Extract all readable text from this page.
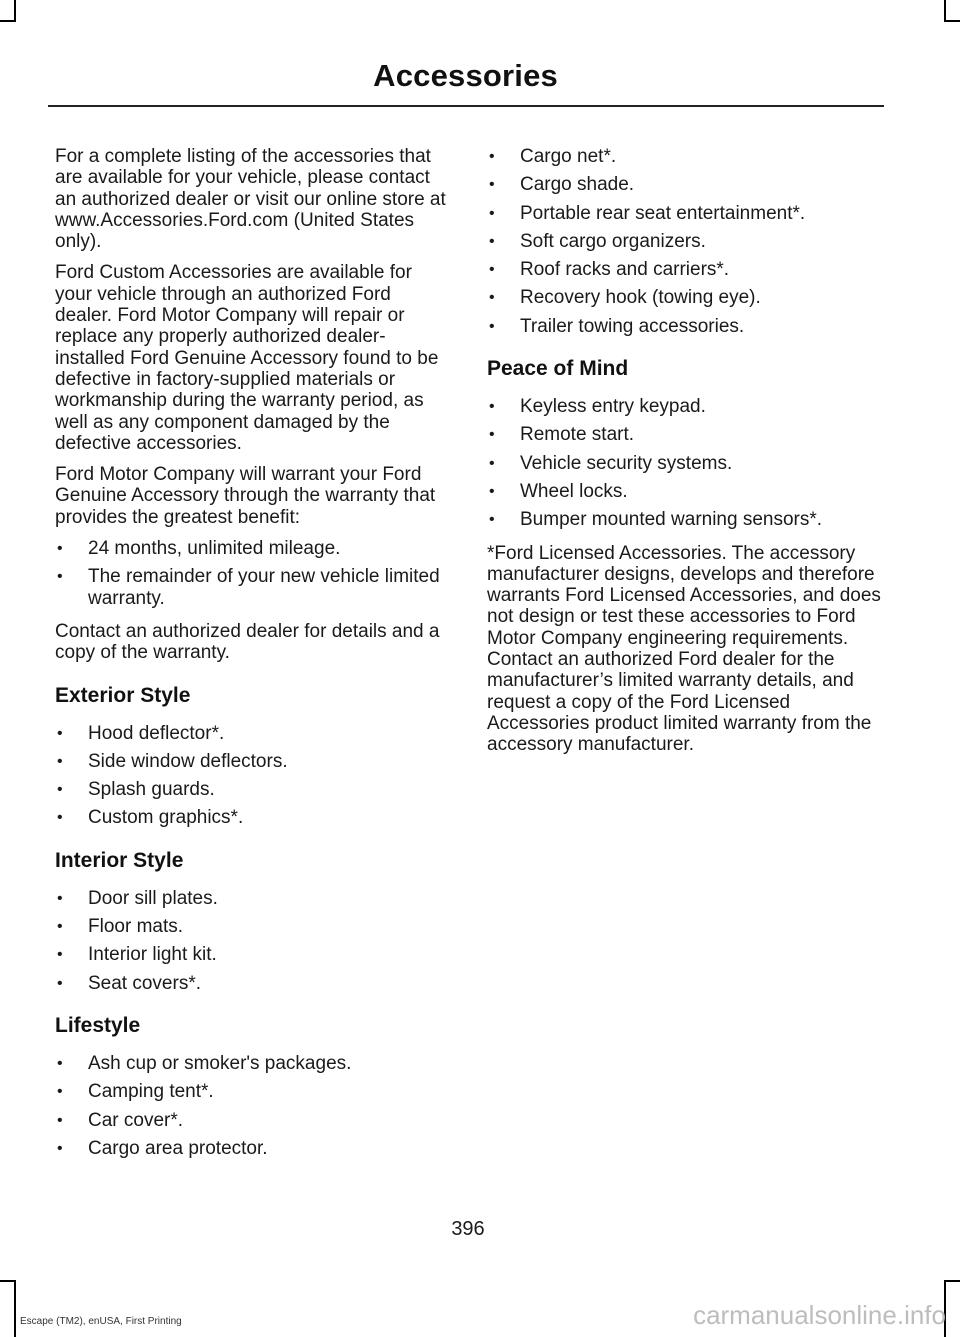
Accessories

For a complete listing of the accessories that are available for your vehicle, please contact an authorized dealer or visit our online store at www.Accessories.Ford.com (United States only).

Ford Custom Accessories are available for your vehicle through an authorized Ford dealer. Ford Motor Company will repair or replace any properly authorized dealer-installed Ford Genuine Accessory found to be defective in factory-supplied materials or workmanship during the warranty period, as well as any component damaged by the defective accessories.

Ford Motor Company will warrant your Ford Genuine Accessory through the warranty that provides the greatest benefit:

• 24 months, unlimited mileage.
• The remainder of your new vehicle limited warranty.

Contact an authorized dealer for details and a copy of the warranty.

Exterior Style
• Hood deflector*.
• Side window deflectors.
• Splash guards.
• Custom graphics*.
Interior Style
• Door sill plates.
• Floor mats.
• Interior light kit.
• Seat covers*.
Lifestyle
• Ash cup or smoker's packages.
• Camping tent*.
• Car cover*.
• Cargo area protector.
• Cargo net*.
• Cargo shade.
• Portable rear seat entertainment*.
• Soft cargo organizers.
• Roof racks and carriers*.
• Recovery hook (towing eye).
• Trailer towing accessories.
Peace of Mind
• Keyless entry keypad.
• Remote start.
• Vehicle security systems.
• Wheel locks.
• Bumper mounted warning sensors*.

*Ford Licensed Accessories. The accessory manufacturer designs, develops and therefore warrants Ford Licensed Accessories, and does not design or test these accessories to Ford Motor Company engineering requirements. Contact an authorized Ford dealer for the manufacturer’s limited warranty details, and request a copy of the Ford Licensed Accessories product limited warranty from the accessory manufacturer.

396
Escape (TM2), enUSA, First Printing	carmanualsonline.info
